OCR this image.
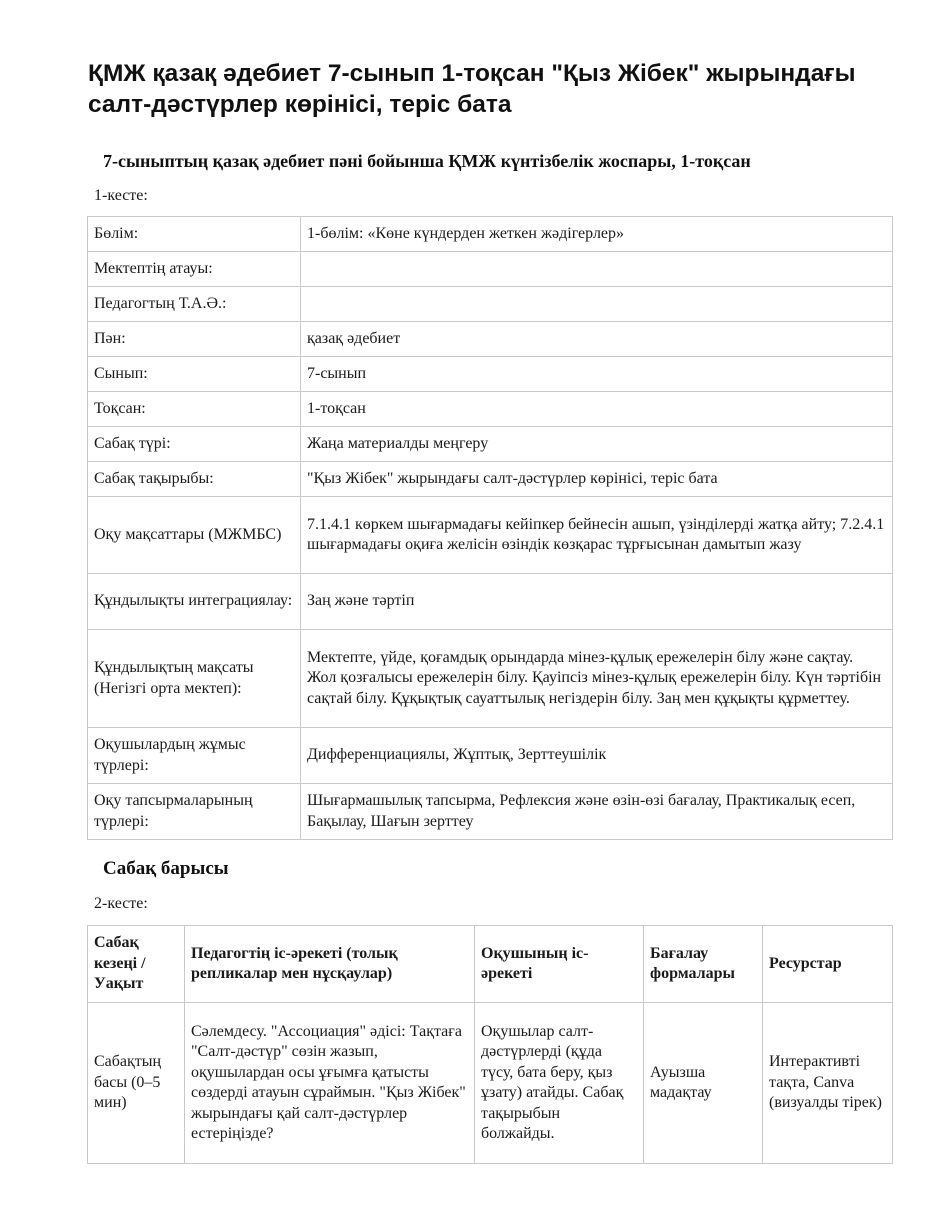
ҚМЖ қазақ әдебиет 7-сынып 1-тоқсан "Қыз Жібек" жырындағы салт-дәстүрлер көрінісі, теріс бата
7-сыныптың қазақ әдебиет пәні бойынша ҚМЖ күнтізбелік жоспары, 1-тоқсан
1-кесте:
Бөлім:	1-бөлім: «Көне күндерден жеткен жәдігерлер»
Мектептің атауы:	
Педагогтың Т.А.Ә.:	
Пән:	қазақ әдебиет
Сынып:	7-сынып
Тоқсан:	1-тоқсан
Сабақ түрі:	Жаңа материалды меңгеру
Сабақ тақырыбы:	"Қыз Жібек" жырындағы салт-дәстүрлер көрінісі, теріс бата
Оқу мақсаттары (МЖМБС)	7.1.4.1 көркем шығармадағы кейіпкер бейнесін ашып, үзінділерді жатқа айту; 7.2.4.1 шығармадағы оқиға желісін өзіндік көзқарас тұрғысынан дамытып жазу
Құндылықты интеграциялау:	Заң және тәртіп
Құндылықтың мақсаты (Негізгі орта мектеп):	Мектепте, үйде, қоғамдық орындарда мінез-құлық ережелерін білу және сақтау. Жол қозғалысы ережелерін білу. Қауіпсіз мінез-құлық ережелерін білу. Күн тәртібін сақтай білу. Құқықтық сауаттылық негіздерін білу. Заң мен құқықты құрметтеу.
Оқушылардың жұмыс түрлері:	Дифференциациялы, Жұптық, Зерттеушілік
Оқу тапсырмаларының түрлері:	Шығармашылық тапсырма, Рефлексия және өзін-өзі бағалау, Практикалық есеп, Бақылау, Шағын зерттеу
Сабақ барысы
2-кесте:
Сабақ кезеңі / Уақыт	Педагогтің іс-әрекеті (толық репликалар мен нұсқаулар)	Оқушының іс-әрекеті	Бағалау формалары	Ресурстар
Сабақтың басы (0–5 мин)	Сәлемдесу. "Ассоциация" әдісі: Тақтаға "Салт-дәстүр" сөзін жазып, оқушылардан осы ұғымға қатысты сөздерді атауын сұраймын. "Қыз Жібек" жырындағы қай салт-дәстүрлер естеріңізде?	Оқушылар салт-дәстүрлерді (құда түсу, бата беру, қыз ұзату) атайды. Сабақ тақырыбын болжайды.	Ауызша мадақтау	Интерактивті тақта, Canva (визуалды тірек)
